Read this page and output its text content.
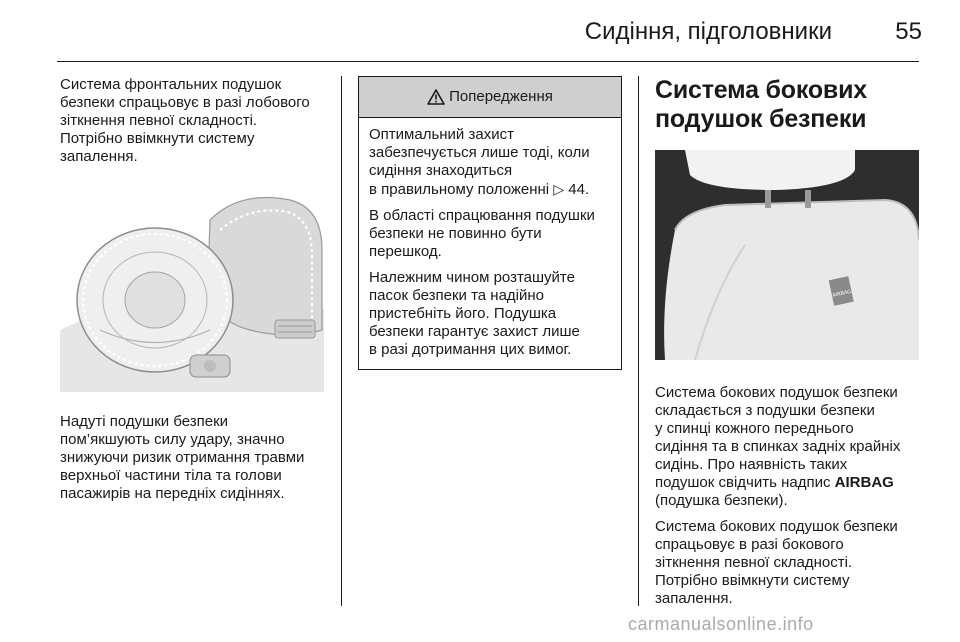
Сидіння, підголовники	55

Система фронтальних подушок
безпеки спрацьовує в разі лобового
зіткнення певної складності.
Потрібно ввімкнути систему
запалення.

Надуті подушки безпеки
пом’якшують силу удару, значно
знижуючи ризик отримання травми
верхньої частини тіла та голови
пасажирів на передніх сидіннях.

Попередження

Оптимальний захист
забезпечується лише тоді, коли
сидіння знаходиться
в правильному положенні ▷ 44.

В області спрацювання подушки
безпеки не повинно бути
перешкод.

Належним чином розташуйте
пасок безпеки та надійно
пристебніть його. Подушка
безпеки гарантує захист лише
в разі дотримання цих вимог.

Система бокових
подушок безпеки
AIRBAG

Система бокових подушок безпеки
складається з подушки безпеки
у спинці кожного переднього
сидіння та в спинках задніх крайніх
сидінь. Про наявність таких
подушок свідчить надпис AIRBAG
(подушка безпеки).

Система бокових подушок безпеки
спрацьовує в разі бокового
зіткнення певної складності.
Потрібно ввімкнути систему
запалення.

carmanualsonline.info
